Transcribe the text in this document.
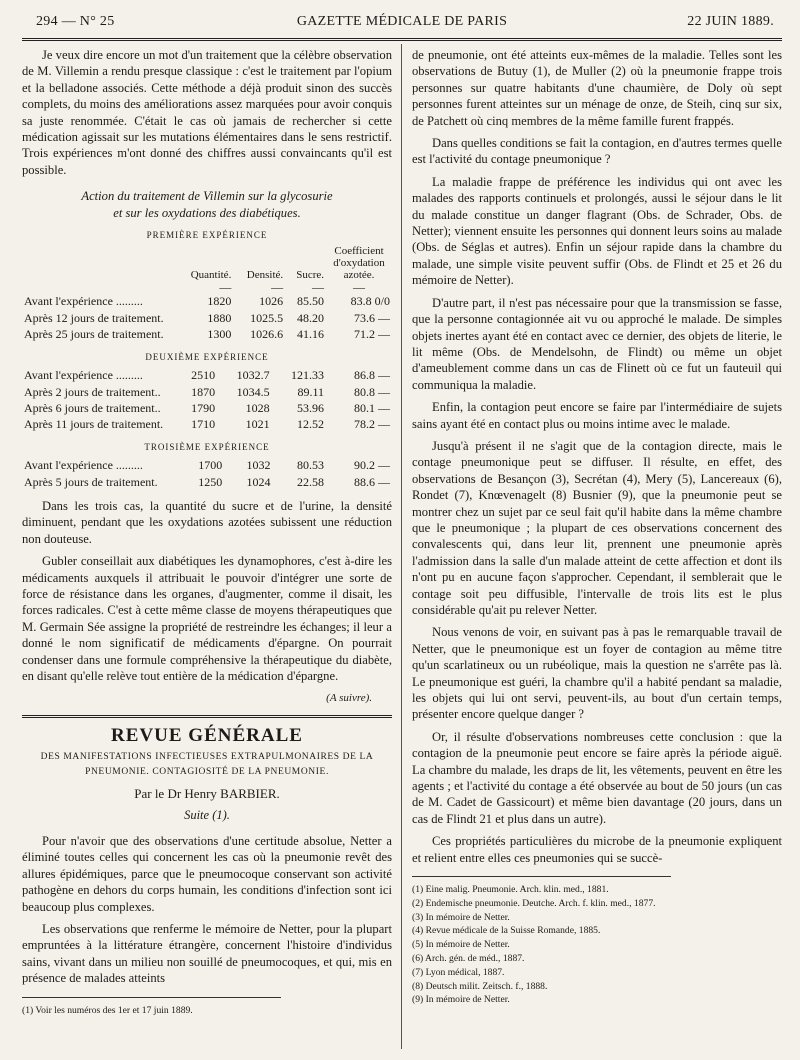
294 — N° 25	GAZETTE MÉDICALE DE PARIS	22 JUIN 1889.

Je veux dire encore un mot d'un traitement que la célèbre observation de M. Villemin a rendu presque classique : c'est le traitement par l'opium et la belladone associés. Cette méthode a déjà produit sinon des succès complets, du moins des améliorations assez marquées pour avoir conquis sa juste renommée. C'était le cas où jamais de rechercher si cette médication agissait sur les mutations élémentaires dans le sens restrictif. Trois expériences m'ont donné des chiffres aussi convaincants qu'il est possible.

Action du traitement de Villemin sur la glycosurie
et sur les oxydations des diabétiques.
PREMIÈRE EXPÉRIENCE
	Quantité.	Densité.	Sucre.	Coefficient d'oxydation azotée.
	—	—	—	—
Avant l'expérience .........	1820	1026	85.50	83.8 0/0
Après 12 jours de traitement.	1880	1025.5	48.20	73.6 —
Après 25 jours de traitement.	1300	1026.6	41.16	71.2 —
DEUXIÈME EXPÉRIENCE
Avant l'expérience .........	2510	1032.7	121.33	86.8 —
Après 2 jours de traitement..	1870	1034.5	89.11	80.8 —
Après 6 jours de traitement..	1790	1028	53.96	80.1 —
Après 11 jours de traitement.	1710	1021	12.52	78.2 —
TROISIÈME EXPÉRIENCE
Avant l'expérience .........	1700	1032	80.53	90.2 —
Après 5 jours de traitement.	1250	1024	22.58	88.6 —

Dans les trois cas, la quantité du sucre et de l'urine, la densité diminuent, pendant que les oxydations azotées subissent une réduction non douteuse.

Gubler conseillait aux diabétiques les dynamophores, c'est à-dire les médicaments auxquels il attribuait le pouvoir d'intégrer une sorte de force de résistance dans les organes, d'augmenter, comme il disait, les forces radicales. C'est à cette même classe de moyens thérapeutiques que M. Germain Sée assigne la propriété de restreindre les échanges; il leur a donné le nom significatif de médicaments d'épargne. On pourrait condenser dans une formule compréhensive la thérapeutique du diabète, en disant qu'elle relève tout entière de la médication d'épargne.

(A suivre).
REVUE GÉNÉRALE
DES MANIFESTATIONS INFECTIEUSES EXTRAPULMONAIRES DE LA
PNEUMONIE. CONTAGIOSITÉ DE LA PNEUMONIE.
Par le Dr Henry BARBIER.
Suite (1).

Pour n'avoir que des observations d'une certitude absolue, Netter a éliminé toutes celles qui concernent les cas où la pneumonie revêt des allures épidémiques, parce que le pneumocoque conservant son activité pathogène en dehors du corps humain, les conditions d'infection sont ici beaucoup plus complexes.

Les observations que renferme le mémoire de Netter, pour la plupart empruntées à la littérature étrangère, concernent l'histoire d'individus sains, vivant dans un milieu non souillé de pneumocoques, et qui, mis en présence de malades atteints

(1) Voir les numéros des 1er et 17 juin 1889.

de pneumonie, ont été atteints eux-mêmes de la maladie. Telles sont les observations de Butuy (1), de Muller (2) où la pneumonie frappe trois personnes sur quatre habitants d'une chaumière, de Doly où sept personnes furent atteintes sur un ménage de onze, de Steih, cinq sur six, de Patchett où cinq membres de la même famille furent frappés.

Dans quelles conditions se fait la contagion, en d'autres termes quelle est l'activité du contage pneumonique ?

La maladie frappe de préférence les individus qui ont avec les malades des rapports continuels et prolongés, aussi le séjour dans le lit du malade constitue un danger flagrant (Obs. de Schrader, Obs. de Netter); viennent ensuite les personnes qui donnent leurs soins au malade (Obs. de Séglas et autres). Enfin un séjour rapide dans la chambre du malade, une simple visite peuvent suffir (Obs. de Flindt et 25 et 26 du mémoire de Netter).

D'autre part, il n'est pas nécessaire pour que la transmission se fasse, que la personne contagionnée ait vu ou approché le malade. De simples objets inertes ayant été en contact avec ce dernier, des objets de literie, le lit même (Obs. de Mendelsohn, de Flindt) ou même un objet d'ameublement comme dans un cas de Flinett où ce fut un fauteuil qui communiqua la maladie.

Enfin, la contagion peut encore se faire par l'intermédiaire de sujets sains ayant été en contact plus ou moins intime avec le malade.

Jusqu'à présent il ne s'agit que de la contagion directe, mais le contage pneumonique peut se diffuser. Il résulte, en effet, des observations de Besançon (3), Secrétan (4), Mery (5), Lancereaux (6), Rondet (7), Knœvenagelt (8) Busnier (9), que la pneumonie peut se montrer chez un sujet par ce seul fait qu'il habite dans la même chambre que le pneumonique ; la plupart de ces observations concernent des convalescents qui, dans leur lit, prennent une pneumonie après l'admission dans la salle d'un malade atteint de cette affection et dont ils n'ont pu en aucune façon s'approcher. Cependant, il semblerait que le contage soit peu diffusible, l'intervalle de trois lits est le plus considérable qu'ait pu relever Netter.

Nous venons de voir, en suivant pas à pas le remarquable travail de Netter, que le pneumonique est un foyer de contagion au même titre qu'un scarlatineux ou un rubéolique, mais la question ne s'arrête pas là. Le pneumonique est guéri, la chambre qu'il a habité pendant sa maladie, les objets qui lui ont servi, peuvent-ils, au bout d'un certain temps, présenter encore quelque danger ?

Or, il résulte d'observations nombreuses cette conclusion : que la contagion de la pneumonie peut encore se faire après la période aiguë. La chambre du malade, les draps de lit, les vêtements, peuvent en être les agents ; et l'activité du contage a été observée au bout de 50 jours (un cas de M. Cadet de Gassicourt) et même bien davantage (20 jours, dans un cas de Flindt 21 et plus dans un autre).

Ces propriétés particulières du microbe de la pneumonie expliquent et relient entre elles ces pneumonies qui se succè-

(1) Eine malig. Pneumonie. Arch. klin. med., 1881.
(2) Endemische pneumonie. Deutche. Arch. f. klin. med., 1877.
(3) In mémoire de Netter.
(4) Revue médicale de la Suisse Romande, 1885.
(5) In mémoire de Netter.
(6) Arch. gén. de méd., 1887.
(7) Lyon médical, 1887.
(8) Deutsch milit. Zeitsch. f., 1888.
(9) In mémoire de Netter.
